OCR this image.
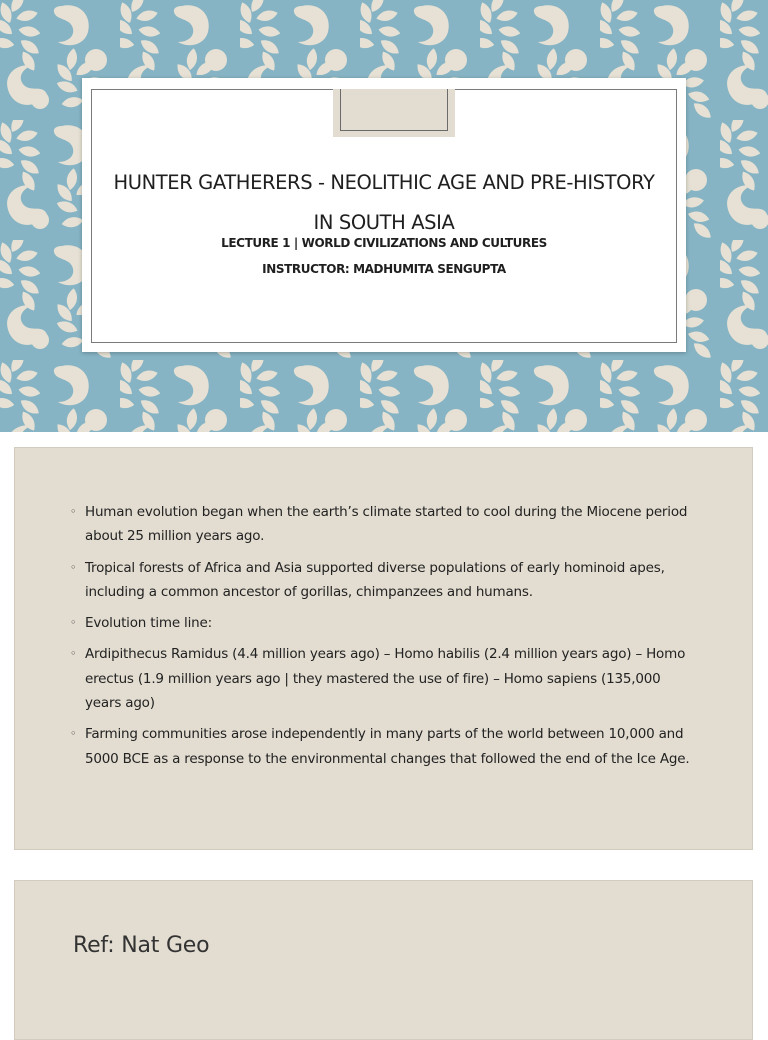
HUNTER GATHERERS - NEOLITHIC AGE AND PRE-HISTORY
IN SOUTH ASIA
LECTURE 1 | WORLD CIVILIZATIONS AND CULTURES
INSTRUCTOR: MADHUMITA SENGUPTA
◦ Human evolution began when the earth’s climate started to cool during the Miocene period about 25 million years ago.
◦ Tropical forests of Africa and Asia supported diverse populations of early hominoid apes, including a common ancestor of gorillas, chimpanzees and humans.
◦ Evolution time line:
◦ Ardipithecus Ramidus (4.4 million years ago) – Homo habilis (2.4 million years ago) – Homo erectus (1.9 million years ago | they mastered the use of fire) – Homo sapiens (135,000 years ago)
◦ Farming communities arose independently in many parts of the world between 10,000 and 5000 BCE as a response to the environmental changes that followed the end of the Ice Age.
Ref: Nat Geo
